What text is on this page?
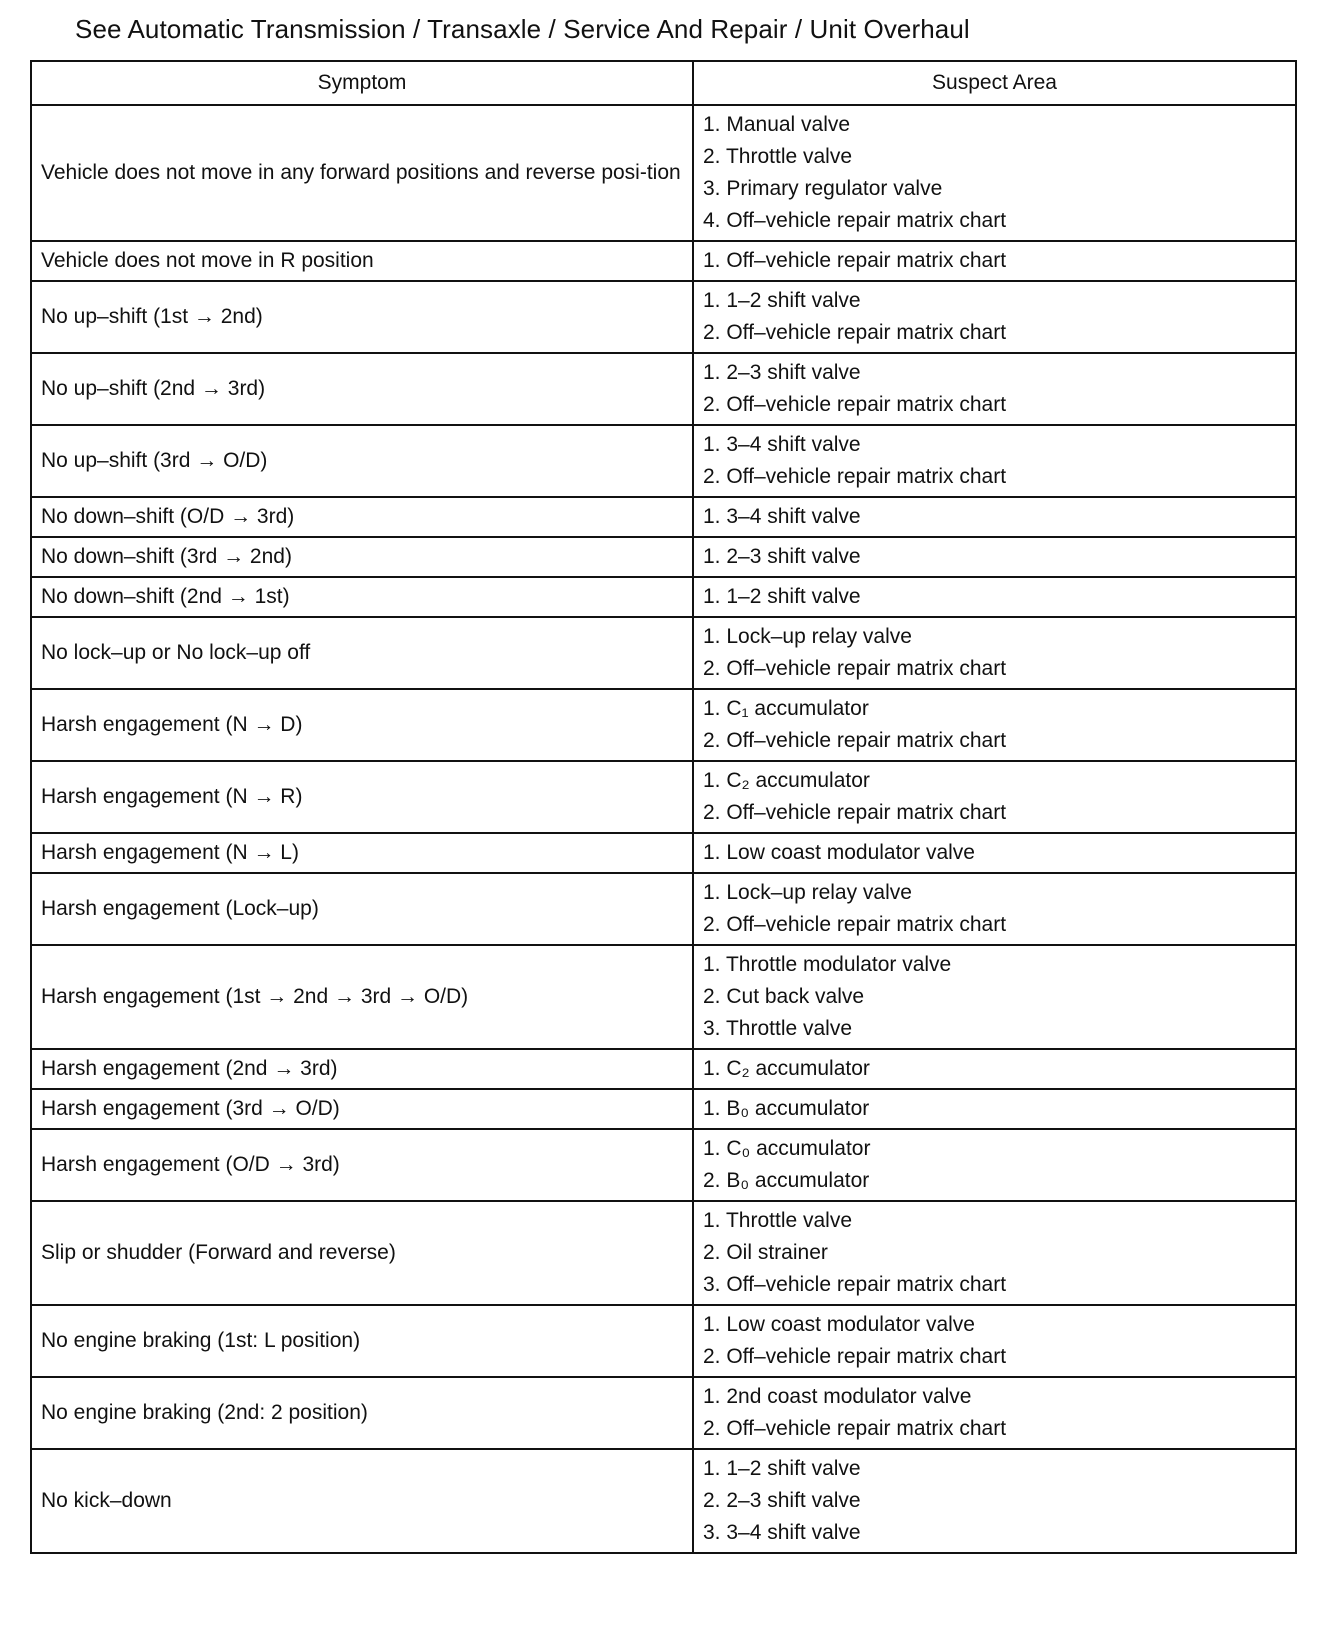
See Automatic Transmission / Transaxle / Service And Repair / Unit Overhaul
Symptom	Suspect Area
Vehicle does not move in any forward positions and reverse posi-tion	1. Manual valve
2. Throttle valve
3. Primary regulator valve
4. Off–vehicle repair matrix chart

Vehicle does not move in R position	1. Off–vehicle repair matrix chart

No up–shift (1st → 2nd)	1. 1–2 shift valve
2. Off–vehicle repair matrix chart

No up–shift (2nd → 3rd)	1. 2–3 shift valve
2. Off–vehicle repair matrix chart

No up–shift (3rd → O/D)	1. 3–4 shift valve
2. Off–vehicle repair matrix chart

No down–shift (O/D → 3rd)	1. 3–4 shift valve

No down–shift (3rd → 2nd)	1. 2–3 shift valve

No down–shift (2nd → 1st)	1. 1–2 shift valve

No lock–up or No lock–up off	1. Lock–up relay valve
2. Off–vehicle repair matrix chart

Harsh engagement (N → D)	1. C₁ accumulator
2. Off–vehicle repair matrix chart

Harsh engagement (N → R)	1. C₂ accumulator
2. Off–vehicle repair matrix chart

Harsh engagement (N → L)	1. Low coast modulator valve

Harsh engagement (Lock–up)	1. Lock–up relay valve
2. Off–vehicle repair matrix chart

Harsh engagement (1st → 2nd → 3rd → O/D)	1. Throttle modulator valve
2. Cut back valve
3. Throttle valve

Harsh engagement (2nd → 3rd)	1. C₂ accumulator

Harsh engagement (3rd → O/D)	1. B₀ accumulator

Harsh engagement (O/D → 3rd)	1. C₀ accumulator
2. B₀ accumulator

Slip or shudder (Forward and reverse)	1. Throttle valve
2. Oil strainer
3. Off–vehicle repair matrix chart

No engine braking (1st: L position)	1. Low coast modulator valve
2. Off–vehicle repair matrix chart

No engine braking (2nd: 2 position)	1. 2nd coast modulator valve
2. Off–vehicle repair matrix chart

No kick–down	1. 1–2 shift valve
2. 2–3 shift valve
3. 3–4 shift valve
